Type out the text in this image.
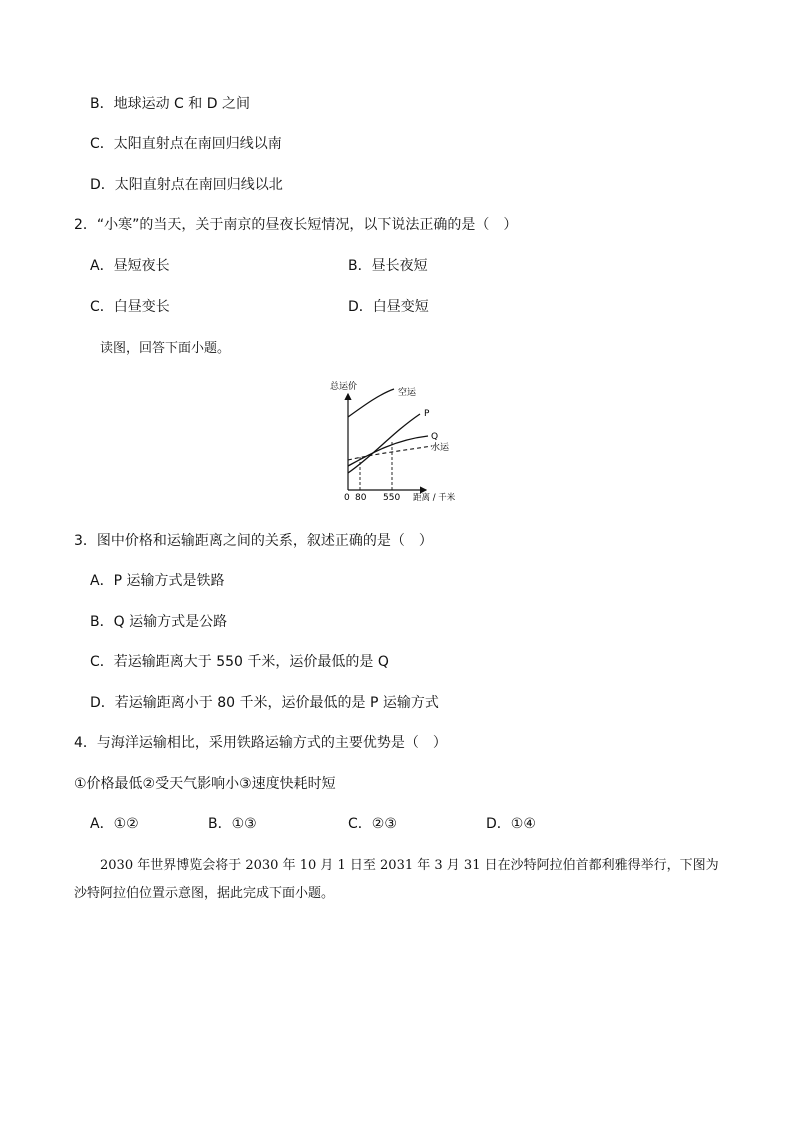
B．地球运动 C 和 D 之间
C．太阳直射点在南回归线以南
D．太阳直射点在南回归线以北
2．“小寒”的当天，关于南京的昼夜长短情况，以下说法正确的是（　）
A．昼短夜长	B．昼长夜短
C．白昼变长	D．白昼变短
读图，回答下面小题。
总运价
空运
P
Q
水运
0 80 550 距离 / 千米
3．图中价格和运输距离之间的关系，叙述正确的是（　）
A．P 运输方式是铁路
B．Q 运输方式是公路
C．若运输距离大于 550 千米，运价最低的是 Q
D．若运输距离小于 80 千米，运价最低的是 P 运输方式
4．与海洋运输相比，采用铁路运输方式的主要优势是（　）
①价格最低②受天气影响小③速度快耗时短
A．①②	B．①③	C．②③	D．①④
2030 年世界博览会将于 2030 年 10 月 1 日至 2031 年 3 月 31 日在沙特阿拉伯首都利雅得举行，下图为
沙特阿拉伯位置示意图，据此完成下面小题。
